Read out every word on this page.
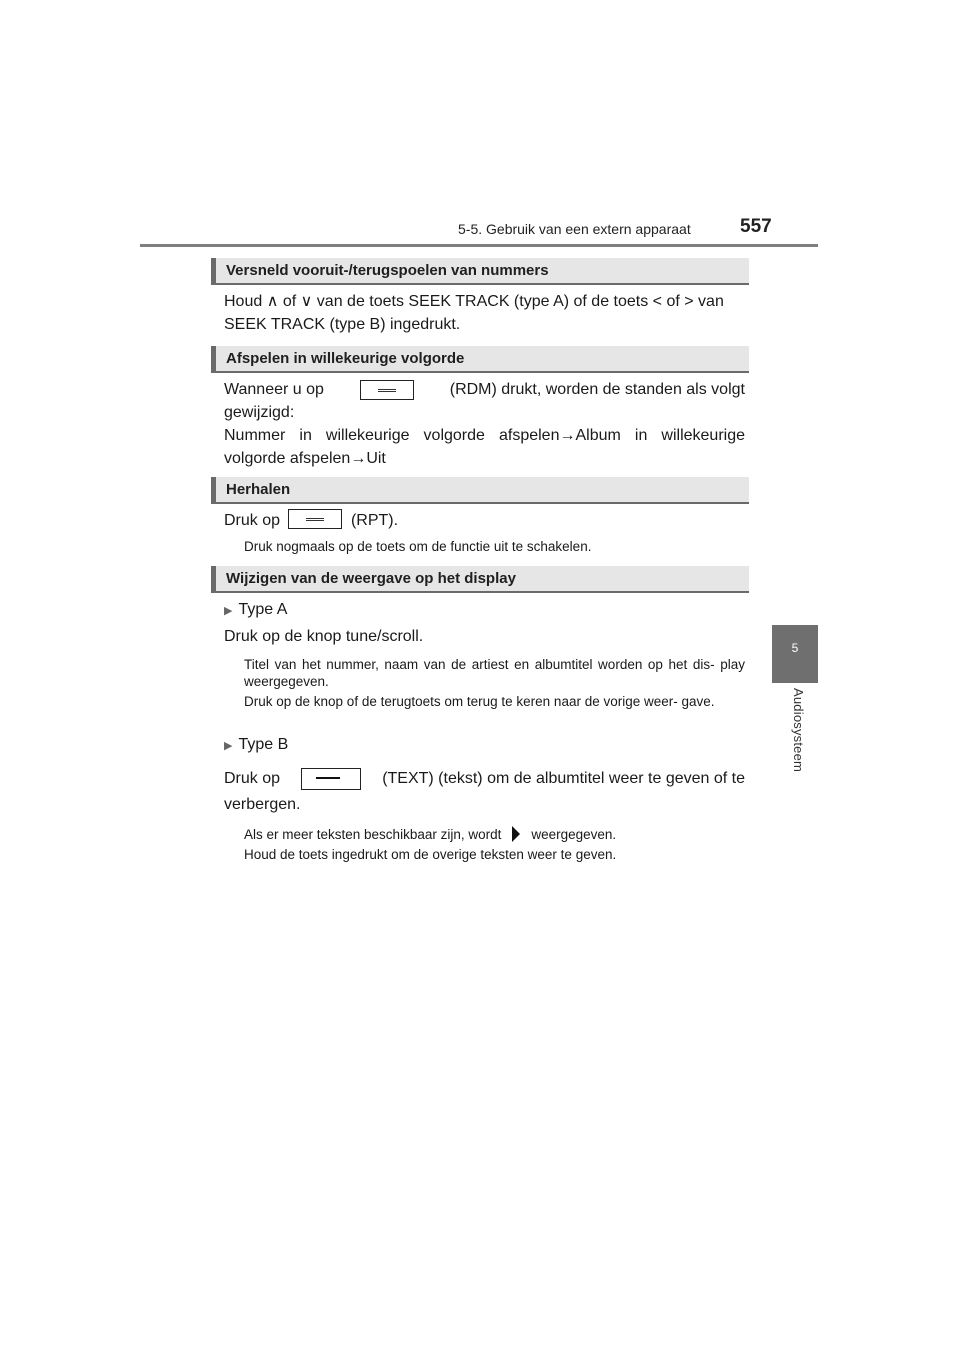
5-5. Gebruik van een extern apparaat	557
5
Audiosysteem
Versneld vooruit-/terugspoelen van nummers
Houd ∧ of ∨ van de toets SEEK TRACK (type A) of de toets < of > van
SEEK TRACK (type B) ingedrukt.
Afspelen in willekeurige volgorde
Wanneer u op	(RDM) drukt, worden de standen als volgt
gewijzigd:
Nummer in willekeurige volgorde afspelen→Album in willekeurige
volgorde afspelen→Uit
Herhalen
Druk op	(RPT).
Druk nogmaals op de toets om de functie uit te schakelen.
Wijzigen van de weergave op het display
▶ Type A
Druk op de knop tune/scroll.
Titel van het nummer, naam van de artiest en albumtitel worden op het dis- play weergegeven.
Druk op de knop of de terugtoets om terug te keren naar de vorige weer- gave.
▶ Type B
Druk op	(TEXT) (tekst) om de albumtitel weer te geven of te
verbergen.
Als er meer teksten beschikbaar zijn, wordt weergegeven.
Houd de toets ingedrukt om de overige teksten weer te geven.
